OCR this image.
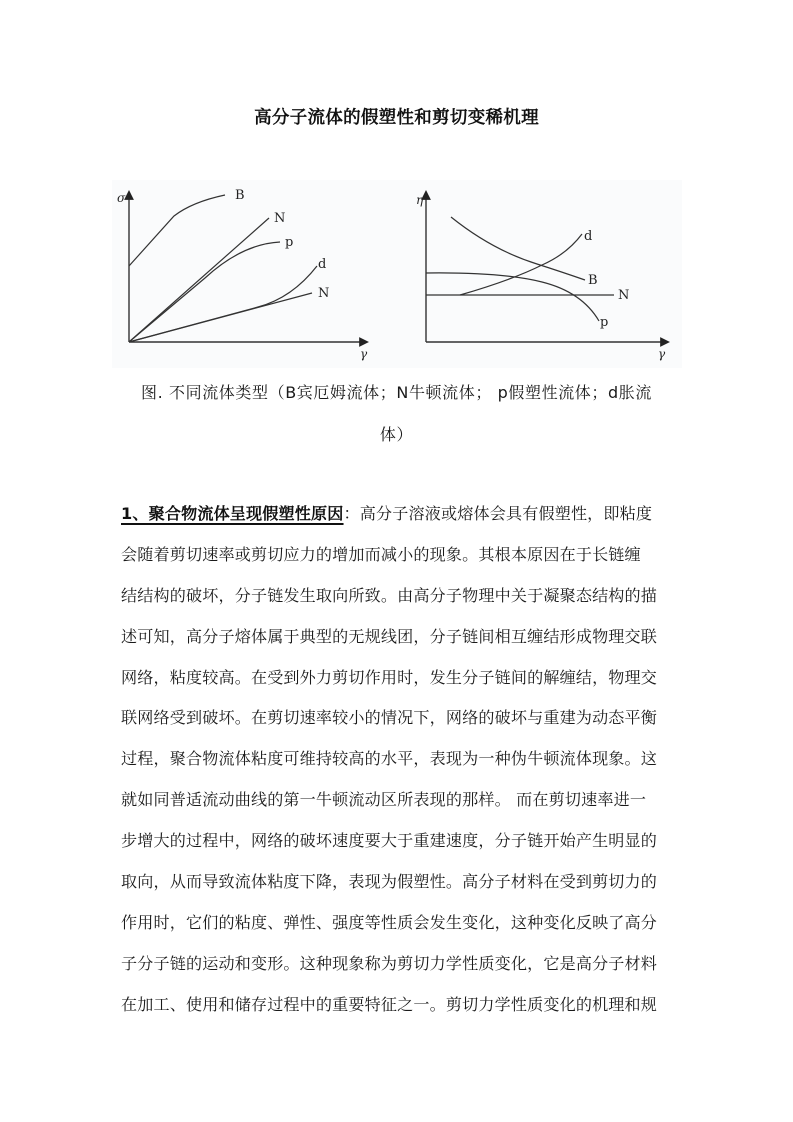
高分子流体的假塑性和剪切变稀机理
σ
γ
B
N
p
d
N
η
γ
d
B
N
p
图. 不同流体类型（B宾厄姆流体；N牛顿流体； p假塑性流体；d胀流
体）
1、聚合物流体呈现假塑性原因：高分子溶液或熔体会具有假塑性，即粘度
会随着剪切速率或剪切应力的增加而减小的现象。其根本原因在于长链缠
结结构的破坏，分子链发生取向所致。由高分子物理中关于凝聚态结构的描
述可知，高分子熔体属于典型的无规线团，分子链间相互缠结形成物理交联
网络，粘度较高。在受到外力剪切作用时，发生分子链间的解缠结，物理交
联网络受到破坏。在剪切速率较小的情况下，网络的破坏与重建为动态平衡
过程，聚合物流体粘度可维持较高的水平，表现为一种伪牛顿流体现象。这
就如同普适流动曲线的第一牛顿流动区所表现的那样。 而在剪切速率进一
步增大的过程中，网络的破坏速度要大于重建速度，分子链开始产生明显的
取向，从而导致流体粘度下降，表现为假塑性。高分子材料在受到剪切力的
作用时，它们的粘度、弹性、强度等性质会发生变化，这种变化反映了高分
子分子链的运动和变形。这种现象称为剪切力学性质变化，它是高分子材料
在加工、使用和储存过程中的重要特征之一。剪切力学性质变化的机理和规
